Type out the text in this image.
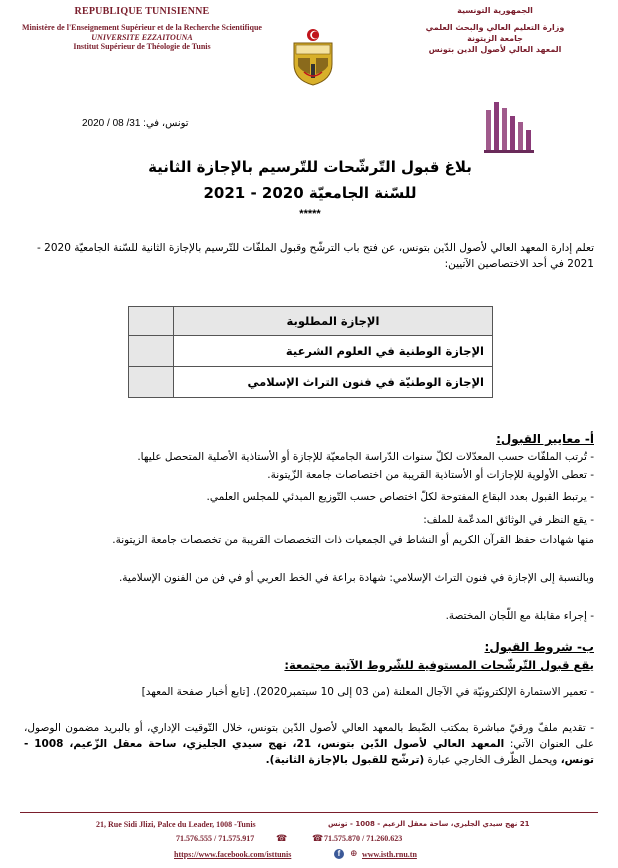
REPUBLIQUE TUNISIENNE
Ministère de l'Enseignement Supérieur et de la Recherche Scientifique
UNIVERSITE EZZAITOUNA
Institut Supérieur de Théologie de Tunis
الجمهورية التونسية
وزارة التعليم العالي والبحث العلمي
جامعة الزيتونة
المعهد العالي لأصول الدين بتونس
تونس، في: 31/ 08 / 2020
بلاغ قبول التّرشّحات للتّرسيم بالإجازة الثانية
للسّنة الجامعيّة 2020 - 2021
*****
تعلم إدارة المعهد العالي لأصول الدّين بتونس، عن فتح باب الترشّح وقبول الملفّات للتّرسيم بالإجازة الثانية للسّنة الجامعيّة 2020 - 2021 في أحد الاختصاصين الآتيين:
الإجازة المطلوبة	
الإجازة الوطنية في العلوم الشرعية	
الإجازة الوطنيّة في فنون التراث الإسلامي	
أ- معايير القبول:
- تُرتب الملفّات حسب المعدّلات لكلّ سنوات الدّراسة الجامعيّة للإجازة أو الأستاذية الأصلية المتحصل عليها.
- تعطى الأولوية للإجازات أو الأستاذية القريبة من اختصاصات جامعة الزّيتونة.
- يرتبط القبول بعدد البقاع المفتوحة لكلّ اختصاص حسب التّوزيع المبدئي للمجلس العلمي.
- يقع النظر في الوثائق المدعّمة للملف:
منها شهادات حفظ القرآن الكريم أو النشاط في الجمعيات ذات التخصصات القريبة من تخصصات جامعة الزيتونة.
وبالنسبة إلى الإجازة في فنون التراث الإسلامي: شهادة براعة في الخط العربي أو في فن من الفنون الإسلامية.
- إجراء مقابلة مع اللّجان المختصة.
ب- شروط القبول:
يقع قبول التّرشّحات المستوفية للشّروط الآتية مجتمعة:
- تعمير الاستمارة الإلكترونيّة في الآجال المعلنة (من 03 إلى 10 سبتمبر2020). [تابع أخبار صفحة المعهد]
- تقديم ملفّ ورقيّ مباشرة بمكتب الضّبط بالمعهد العالي لأصول الدّين بتونس، خلال التّوقيت الإداري، أو بالبريد مضمون الوصول، على العنوان الآتي: المعهد العالي لأصول الدّين بتونس، 21، نهج سيدي الجليزي، ساحة معقل الزّعيم، 1008 - تونس، ويحمل الظّرف الخارجي عبارة (ترشّح للقبول بالإجازة الثانية).
21, Rue Sidi Jlizi, Palce du Leader, 1008 -Tunis	21 نهج سيدي الجليزي، ساحة معقل الزعيم - 1008 - تونس
71.576.555 / 71.575.917 ☎	☎ 71.575.870 / 71.260.623
https://www.facebook.com/isttunis	f	⊕ www.isth.rnu.tn
